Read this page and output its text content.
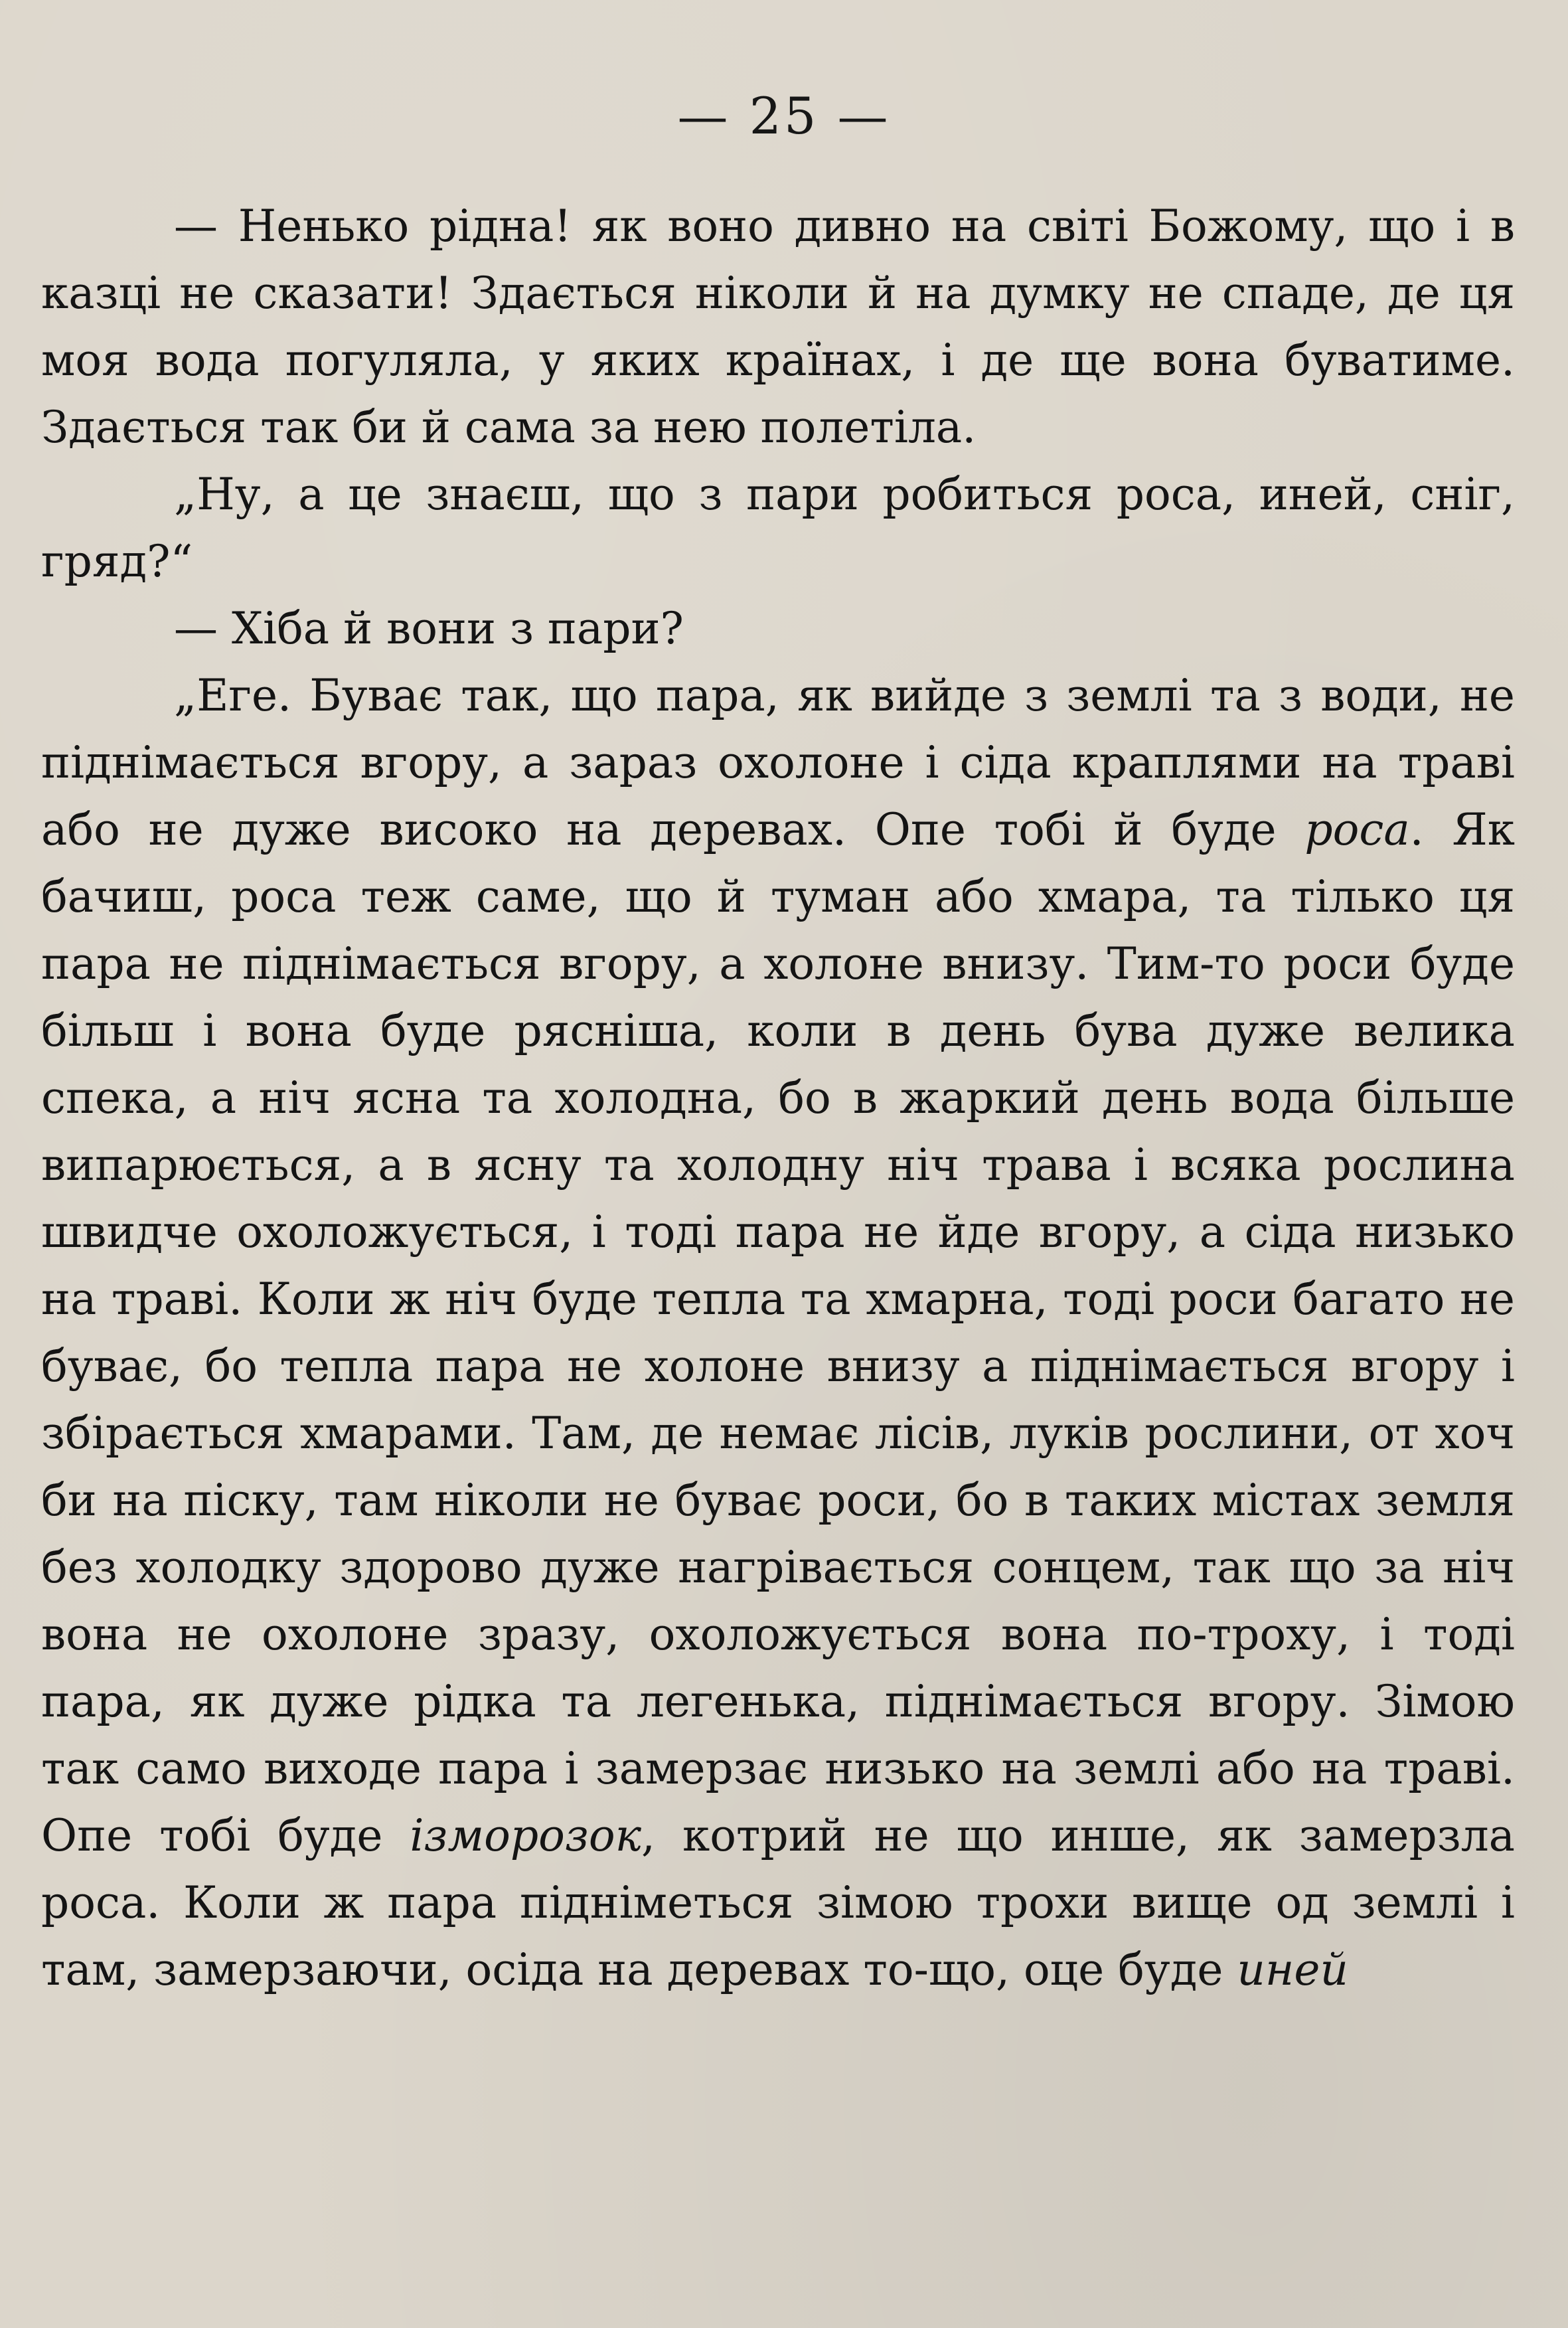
— 25 —

— Ненько рідна! як воно дивно на світі Божому, що і в казці не сказати! Здається ніколи й на думку не спаде, де ця моя вода погуляла, у яких країнах, і де ще вона буватиме. Здається так би й сама за нею полетіла.

„Ну, а це знаєш, що з пари робиться роса, иней, сніг, гряд?“

— Хіба й вони з пари?

„Еге. Буває так, що пара, як вийде з землі та з води, не піднімається вгору, а зараз охолоне і сіда краплями на траві або не дуже високо на деревах. Опе тобі й буде роса. Як бачиш, роса теж саме, що й туман або хмара, та тілько ця пара не піднімається вгору, а холоне внизу. Тим-то роси буде більш і вона буде рясніша, коли в день бува дуже велика спека, а ніч ясна та холодна, бо в жаркий день вода більше випарюється, а в ясну та холодну ніч трава і всяка рослина швидче охоложується, і тоді пара не йде вгору, а сіда низько на траві. Коли ж ніч буде тепла та хмарна, тоді роси багато не буває, бо тепла пара не холоне внизу а піднімається вгору і збірається хмарами. Там, де немає лісів, луків рослини, от хоч би на піску, там ніколи не буває роси, бо в таких містах земля без холодку здорово дуже нагрівається сонцем, так що за ніч вона не охолоне зразу, охоложується вона по-троху, і тоді пара, як дуже рідка та легенька, піднімається вгору. Зімою так само виходе пара і замерзає низько на землі або на траві. Опе тобі буде ізморозок, котрий не що инше, як замерзла роса. Коли ж пара підніметься зімою трохи вище од землі і там, замерзаючи, осіда на деревах то-що, оце буде иней
